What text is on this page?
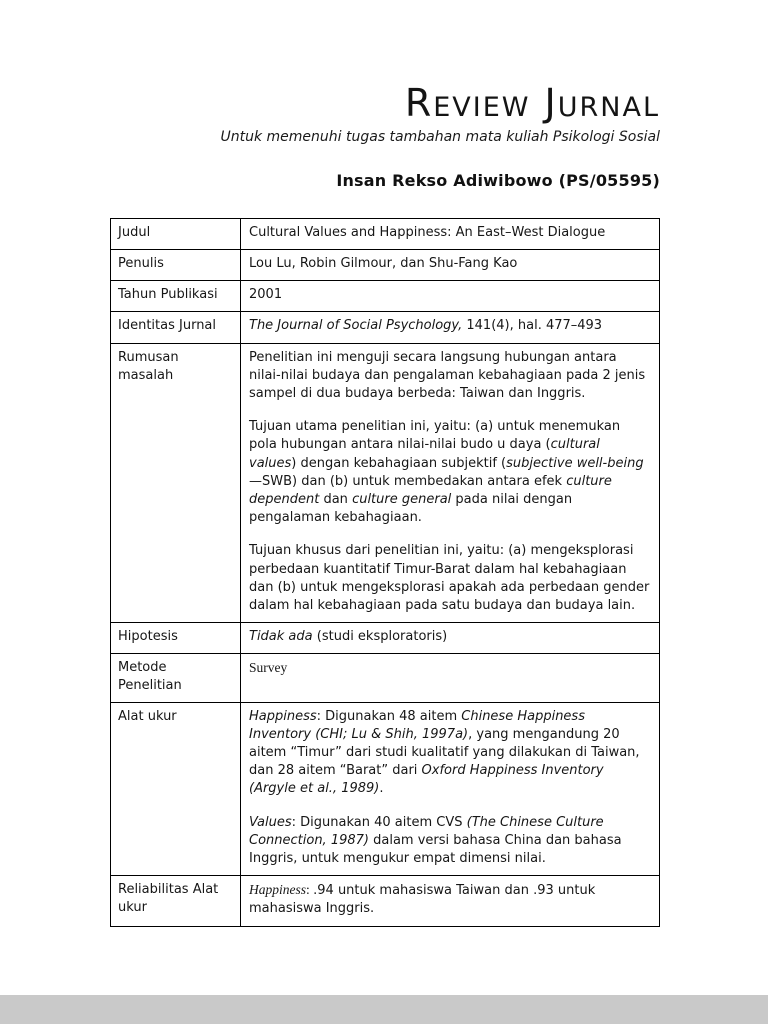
Review Jurnal
Untuk memenuhi tugas tambahan mata kuliah Psikologi Sosial
Insan Rekso Adiwibowo (PS/05595)
Judul	Cultural Values and Happiness: An East–West Dialogue

Penulis	Lou Lu, Robin Gilmour, dan Shu-Fang Kao

Tahun Publikasi	2001

Identitas Jurnal	The Journal of Social Psychology, 141(4), hal. 477–493

Rumusan masalah	Penelitian ini menguji secara langsung hubungan antara nilai-nilai budaya dan pengalaman kebahagiaan pada 2 jenis sampel di dua budaya berbeda: Taiwan dan Inggris.

Tujuan utama penelitian ini, yaitu: (a) untuk menemukan pola hubungan antara nilai-nilai budo u daya (cultural values) dengan kebahagiaan subjektif (subjective well-being—SWB) dan (b) untuk membedakan antara efek culture dependent dan culture general pada nilai dengan pengalaman kebahagiaan.

Tujuan khusus dari penelitian ini, yaitu: (a) mengeksplorasi perbedaan kuantitatif Timur-Barat dalam hal kebahagiaan dan (b) untuk mengeksplorasi apakah ada perbedaan gender dalam hal kebahagiaan pada satu budaya dan budaya lain.

Hipotesis	Tidak ada (studi eksploratoris)

Metode Penelitian	Survey

Alat ukur	Happiness: Digunakan 48 aitem Chinese Happiness Inventory (CHI; Lu & Shih, 1997a), yang mengandung 20 aitem “Timur” dari studi kualitatif yang dilakukan di Taiwan, dan 28 aitem “Barat” dari Oxford Happiness Inventory (Argyle et al., 1989).

Values: Digunakan 40 aitem CVS (The Chinese Culture Connection, 1987) dalam versi bahasa China dan bahasa Inggris, untuk mengukur empat dimensi nilai.

Reliabilitas Alat ukur	Happiness: .94 untuk mahasiswa Taiwan dan .93 untuk mahasiswa Inggris.
